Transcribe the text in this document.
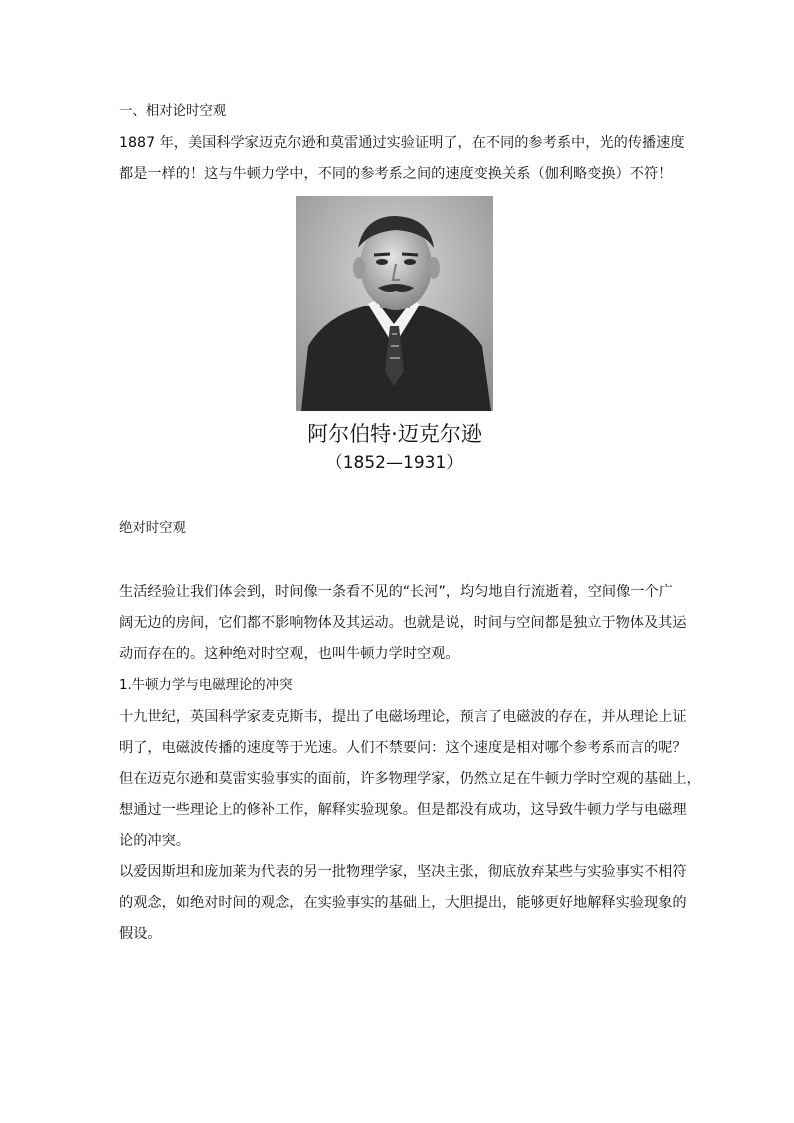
一、相对论时空观
1887 年，美国科学家迈克尔逊和莫雷通过实验证明了，在不同的参考系中，光的传播速度
都是一样的！这与牛顿力学中，不同的参考系之间的速度变换关系（伽利略变换）不符！
阿尔伯特·迈克尔逊
（1852—1931）
绝对时空观
生活经验让我们体会到，时间像一条看不见的“长河”，均匀地自行流逝着，空间像一个广
阔无边的房间，它们都不影响物体及其运动。也就是说，时间与空间都是独立于物体及其运
动而存在的。这种绝对时空观，也叫牛顿力学时空观。
1.牛顿力学与电磁理论的冲突
十九世纪，英国科学家麦克斯韦，提出了电磁场理论，预言了电磁波的存在，并从理论上证
明了，电磁波传播的速度等于光速。人们不禁要问：这个速度是相对哪个参考系而言的呢？
但在迈克尔逊和莫雷实验事实的面前，许多物理学家，仍然立足在牛顿力学时空观的基础上，
想通过一些理论上的修补工作，解释实验现象。但是都没有成功，这导致牛顿力学与电磁理
论的冲突。
以爱因斯坦和庞加莱为代表的另一批物理学家，坚决主张，彻底放弃某些与实验事实不相符
的观念，如绝对时间的观念，在实验事实的基础上，大胆提出，能够更好地解释实验现象的
假设。
